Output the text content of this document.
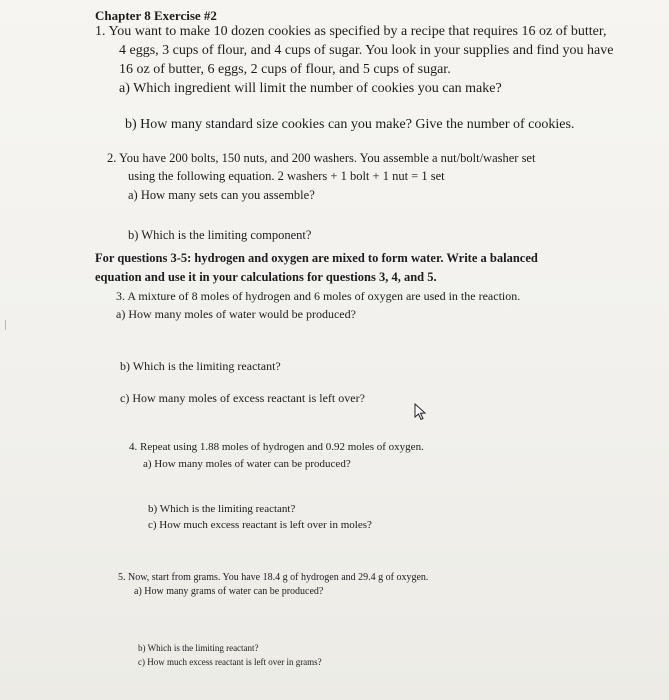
Chapter 8 Exercise #2
1. You want to make 10 dozen cookies as specified by a recipe that requires 16 oz of butter,
4 eggs, 3 cups of flour, and 4 cups of sugar. You look in your supplies and find you have
16 oz of butter, 6 eggs, 2 cups of flour, and 5 cups of sugar.
a) Which ingredient will limit the number of cookies you can make?
b) How many standard size cookies can you make? Give the number of cookies.
2. You have 200 bolts, 150 nuts, and 200 washers. You assemble a nut/bolt/washer set
using the following equation. 2 washers + 1 bolt + 1 nut = 1 set
a) How many sets can you assemble?
b) Which is the limiting component?
For questions 3-5: hydrogen and oxygen are mixed to form water. Write a balanced
equation and use it in your calculations for questions 3, 4, and 5.
3. A mixture of 8 moles of hydrogen and 6 moles of oxygen are used in the reaction.
a) How many moles of water would be produced?
b) Which is the limiting reactant?
c) How many moles of excess reactant is left over?
4. Repeat using 1.88 moles of hydrogen and 0.92 moles of oxygen.
a) How many moles of water can be produced?
b) Which is the limiting reactant?
c) How much excess reactant is left over in moles?
5. Now, start from grams. You have 18.4 g of hydrogen and 29.4 g of oxygen.
a) How many grams of water can be produced?
b) Which is the limiting reactant?
c) How much excess reactant is left over in grams?
